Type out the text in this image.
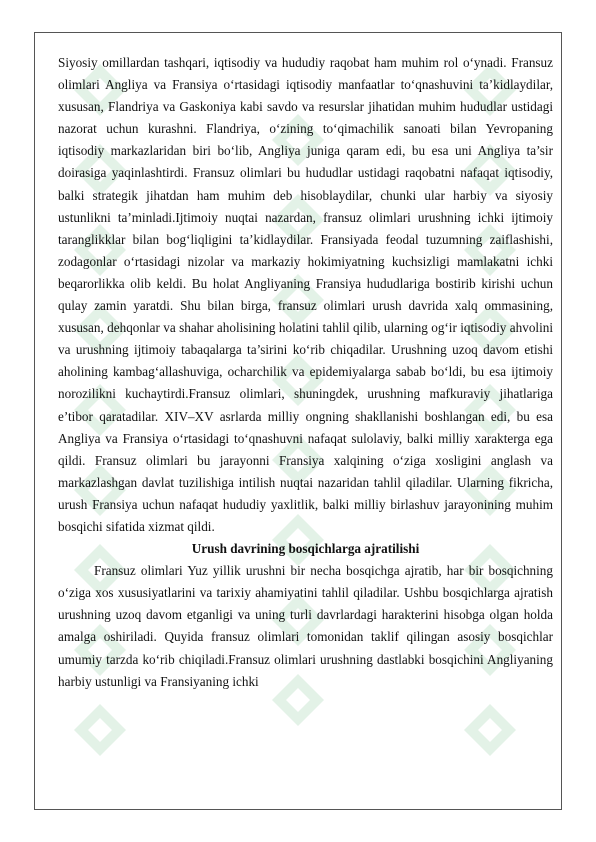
Siyosiy omillardan tashqari, iqtisodiy va hududiy raqobat ham muhim rol o‘ynadi. Fransuz olimlari Angliya va Fransiya o‘rtasidagi iqtisodiy manfaatlar to‘qnashuvini ta’kidlaydilar, xususan, Flandriya va Gaskoniya kabi savdo va resurslar jihatidan muhim hududlar ustidagi nazorat uchun kurashni. Flandriya, o‘zining to‘qimachilik sanoati bilan Yevropaning iqtisodiy markazlaridan biri bo‘lib, Angliya juniga qaram edi, bu esa uni Angliya ta’sir doirasiga yaqinlashtirdi. Fransuz olimlari bu hududlar ustidagi raqobatni nafaqat iqtisodiy, balki strategik jihatdan ham muhim deb hisoblaydilar, chunki ular harbiy va siyosiy ustunlikni ta’minladi.Ijtimoiy nuqtai nazardan, fransuz olimlari urushning ichki ijtimoiy taranglikklar bilan bog‘liqligini ta’kidlaydilar. Fransiyada feodal tuzumning zaiflashishi, zodagonlar o‘rtasidagi nizolar va markaziy hokimiyatning kuchsizligi mamlakatni ichki beqarorlikka olib keldi. Bu holat Angliyaning Fransiya hududlariga bostirib kirishi uchun qulay zamin yaratdi. Shu bilan birga, fransuz olimlari urush davrida xalq ommasining, xususan, dehqonlar va shahar aholisining holatini tahlil qilib, ularning og‘ir iqtisodiy ahvolini va urushning ijtimoiy tabaqalarga ta’sirini ko‘rib chiqadilar. Urushning uzoq davom etishi aholining kambag‘allashuviga, ocharchilik va epidemiyalarga sabab bo‘ldi, bu esa ijtimoiy norozilikni kuchaytirdi.Fransuz olimlari, shuningdek, urushning mafkuraviy jihatlariga e’tibor qaratadilar. XIV–XV asrlarda milliy ongning shakllanishi boshlangan edi, bu esa Angliya va Fransiya o‘rtasidagi to‘qnashuvni nafaqat sulolaviy, balki milliy xarakterga ega qildi. Fransuz olimlari bu jarayonni Fransiya xalqining o‘ziga xosligini anglash va markazlashgan davlat tuzilishiga intilish nuqtai nazaridan tahlil qiladilar. Ularning fikricha, urush Fransiya uchun nafaqat hududiy yaxlitlik, balki milliy birlashuv jarayonining muhim bosqichi sifatida xizmat qildi.

Urush davrining bosqichlarga ajratilishi

Fransuz olimlari Yuz yillik urushni bir necha bosqichga ajratib, har bir bosqichning o‘ziga xos xususiyatlarini va tarixiy ahamiyatini tahlil qiladilar. Ushbu bosqichlarga ajratish urushning uzoq davom etganligi va uning turli davrlardagi harakterini hisobga olgan holda amalga oshiriladi. Quyida fransuz olimlari tomonidan taklif qilingan asosiy bosqichlar umumiy tarzda ko‘rib chiqiladi.Fransuz olimlari urushning dastlabki bosqichini Angliyaning harbiy ustunligi va Fransiyaning ichki
